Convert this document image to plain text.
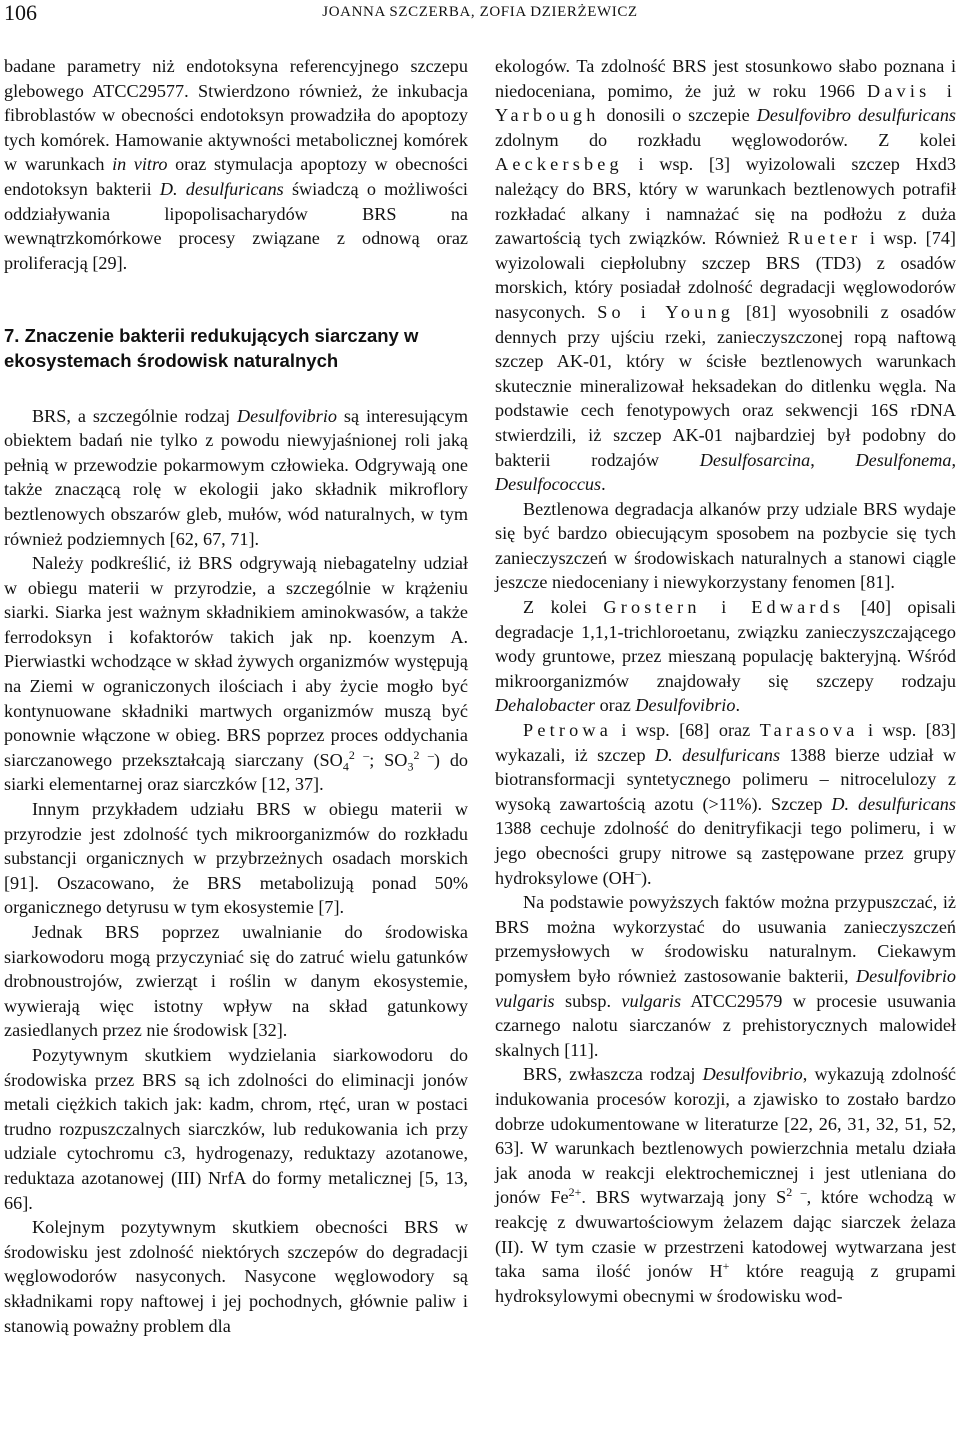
106	JOANNA SZCZERBA, ZOFIA DZIERŻEWICZ

badane parametry niż endotoksyna referencyjnego szczepu glebowego ATCC29577. Stwierdzono również, że inkubacja fibroblastów w obecności endotoksyn prowadziła do apoptozy tych komórek. Hamowanie aktywności metabolicznej komórek w warunkach in vitro oraz stymulacja apoptozy w obecności endotoksyn bakterii D. desulfuricans świadczą o możliwości oddziaływania lipopolisacharydów BRS na wewnątrzkomórkowe procesy związane z odnową oraz proliferacją [29].

7. Znaczenie bakterii redukujących siarczany w ekosystemach środowisk naturalnych

BRS, a szczególnie rodzaj Desulfovibrio są interesującym obiektem badań nie tylko z powodu niewyjaśnionej roli jaką pełnią w przewodzie pokarmowym człowieka. Odgrywają one także znaczącą rolę w ekologii jako składnik mikroflory beztlenowych obszarów gleb, mułów, wód naturalnych, w tym również podziemnych [62, 67, 71].

Należy podkreślić, iż BRS odgrywają niebagatelny udział w obiegu materii w przyrodzie, a szczególnie w krążeniu siarki. Siarka jest ważnym składnikiem aminokwasów, a także ferrodoksyn i kofaktorów takich jak np. koenzym A. Pierwiastki wchodzące w skład żywych organizmów występują na Ziemi w ograniczonych ilościach i aby życie mogło być kontynuowane składniki martwych organizmów muszą być ponownie włączone w obieg. BRS poprzez proces oddychania siarczanowego przekształcają siarczany ($SO_4^{2 -}$; $SO_3^{2 -}$) do siarki elementarnej oraz siarczków [12, 37].

Innym przykładem udziału BRS w obiegu materii w przyrodzie jest zdolność tych mikroorganizmów do rozkładu substancji organicznych w przybrzeżnych osadach morskich [91]. Oszacowano, że BRS metabolizują ponad 50% organicznego detyrusu w tym ekosystemie [7].

Jednak BRS poprzez uwalnianie do środowiska siarkowodoru mogą przyczyniać się do zatruć wielu gatunków drobnoustrojów, zwierząt i roślin w danym ekosystemie, wywierają więc istotny wpływ na skład gatunkowy zasiedlanych przez nie środowisk [32].

Pozytywnym skutkiem wydzielania siarkowodoru do środowiska przez BRS są ich zdolności do eliminacji jonów metali ciężkich takich jak: kadm, chrom, rtęć, uran w postaci trudno rozpuszczalnych siarczków, lub redukowania ich przy udziale cytochromu c3, hydrogenazy, reduktazy azotanowe, reduktaza azotanowej (III) NrfA do formy metalicznej [5, 13, 66].

Kolejnym pozytywnym skutkiem obecności BRS w środowisku jest zdolność niektórych szczepów do degradacji węglowodorów nasyconych. Nasycone węglowodory są składnikami ropy naftowej i jej pochodnych, głównie paliw i stanowią poważny problem dla

ekologów. Ta zdolność BRS jest stosunkowo słabo poznana i niedoceniana, pomimo, że już w roku 1966 Davis i Yarbough donosili o szczepie Desulfovibro desulfuricans zdolnym do rozkładu węglowodorów. Z kolei Aeckersbeg i wsp. [3] wyizolowali szczep Hxd3 należący do BRS, który w warunkach beztlenowych potrafił rozkładać alkany i namnażać się na podłożu z duża zawartością tych związków. Również Rueter i wsp. [74] wyizolowali ciepłolubny szczep BRS (TD3) z osadów morskich, który posiadał zdolność degradacji węglowodorów nasyconych. So i Young [81] wyosobnili z osadów dennych przy ujściu rzeki, zanieczyszczonej ropą naftową szczep AK-01, który w ścisłe beztlenowych warunkach skutecznie mineralizował heksadekan do ditlenku węgla. Na podstawie cech fenotypowych oraz sekwencji 16S rDNA stwierdzili, iż szczep AK-01 najbardziej był podobny do bakterii rodzajów Desulfosarcina, Desulfonema, Desulfococcus.

Beztlenowa degradacja alkanów przy udziale BRS wydaje się być bardzo obiecującym sposobem na pozbycie się tych zanieczyszczeń w środowiskach naturalnych a stanowi ciągle jeszcze niedoceniany i niewykorzystany fenomen [81].

Z kolei Grostern i Edwards [40] opisali degradacje 1,1,1-trichloroetanu, związku zanieczyszczającego wody gruntowe, przez mieszaną populację bakteryjną. Wśród mikroorganizmów znajdowały się szczepy rodzaju Dehalobacter oraz Desulfovibrio.

Petrowa i wsp. [68] oraz Tarasova i wsp. [83] wykazali, iż szczep D. desulfuricans 1388 bierze udział w biotransformacji syntetycznego polimeru – nitrocelulozy z wysoką zawartością azotu (>11%). Szczep D. desulfuricans 1388 cechuje zdolność do denitryfikacji tego polimeru, i w jego obecności grupy nitrowe są zastępowane przez grupy hydroksylowe (OH–).

Na podstawie powyższych faktów można przypuszczać, iż BRS można wykorzystać do usuwania zanieczyszczeń przemysłowych w środowisku naturalnym. Ciekawym pomysłem było również zastosowanie bakterii, Desulfovibrio vulgaris subsp. vulgaris ATCC29579 w procesie usuwania czarnego nalotu siarczanów z prehistorycznych malowideł skalnych [11].

BRS, zwłaszcza rodzaj Desulfovibrio, wykazują zdolność indukowania procesów korozji, a zjawisko to zostało bardzo dobrze udokumentowane w literaturze [22, 26, 31, 32, 51, 52, 63]. W warunkach beztlenowych powierzchnia metalu działa jak anoda w reakcji elektrochemicznej i jest utleniana do jonów $Fe^{2+}$. BRS wytwarzają jony $S^{2 -}$, które wchodzą w reakcję z dwuwartościowym żelazem dając siarczek żelaza (II). W tym czasie w przestrzeni katodowej wytwarzana jest taka sama ilość jonów H+ które reagują z grupami hydroksylowymi obecnymi w środowisku wod-
